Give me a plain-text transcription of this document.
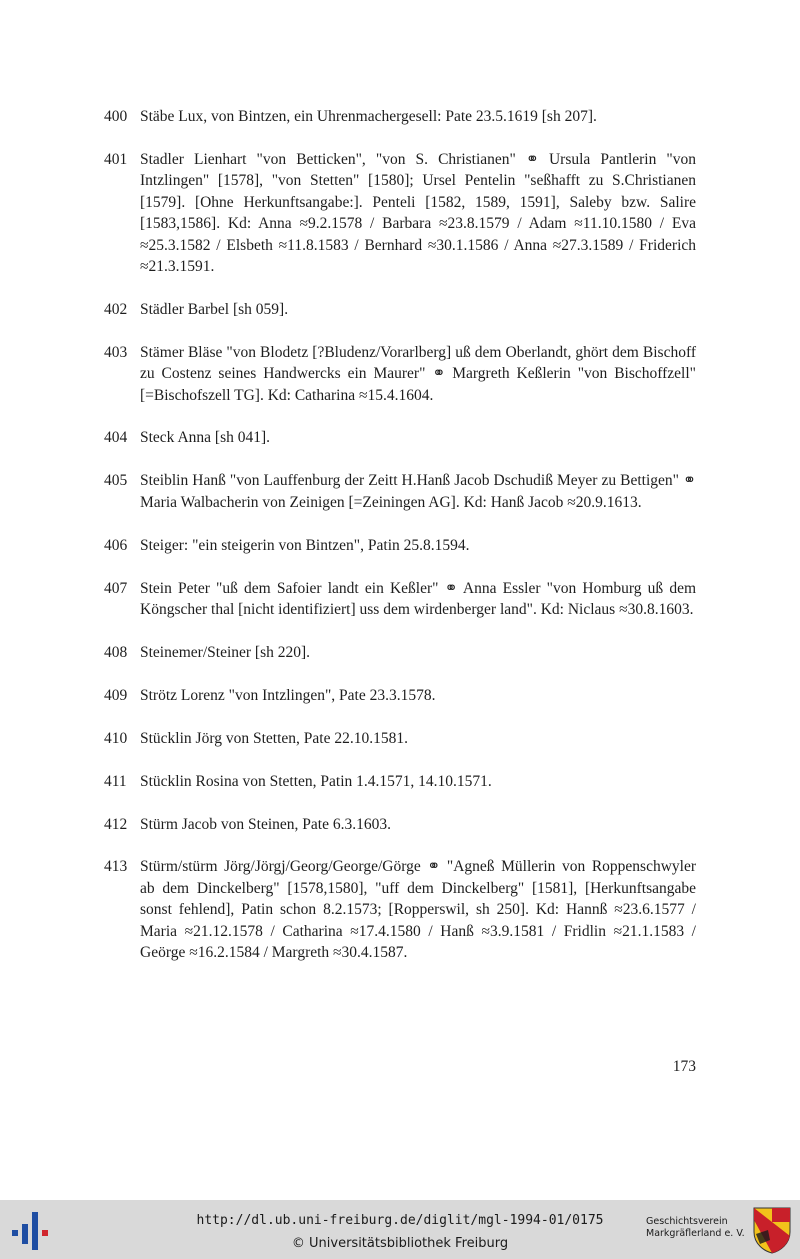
400 Stäbe Lux, von Bintzen, ein Uhrenmachergesell: Pate 23.5.1619 [sh 207].
401 Stadler Lienhart "von Betticken", "von S. Christianen" ⚭ Ursula Pantlerin "von Intzlingen" [1578], "von Stetten" [1580]; Ursel Pentelin "seßhafft zu S.Christianen [1579]. [Ohne Herkunftsangabe:]. Penteli [1582, 1589, 1591], Saleby bzw. Salire [1583,1586]. Kd: Anna ≈9.2.1578 / Barbara ≈23.8.1579 / Adam ≈11.10.1580 / Eva ≈25.3.1582 / Elsbeth ≈11.8.1583 / Bernhard ≈30.1.1586 / Anna ≈27.3.1589 / Friderich ≈21.3.1591.
402 Städler Barbel [sh 059].
403 Stämer Bläse "von Blodetz [?Bludenz/Vorarlberg] uß dem Oberlandt, ghört dem Bischoff zu Costenz seines Handwercks ein Maurer" ⚭ Margreth Keßlerin "von Bischoffzell" [=Bischofszell TG]. Kd: Catharina ≈15.4.1604.
404 Steck Anna [sh 041].
405 Steiblin Hanß "von Lauffenburg der Zeitt H.Hanß Jacob Dschudiß Meyer zu Bettigen" ⚭ Maria Walbacherin von Zeinigen [=Zeiningen AG]. Kd: Hanß Jacob ≈20.9.1613.
406 Steiger: "ein steigerin von Bintzen", Patin 25.8.1594.
407 Stein Peter "uß dem Safoier landt ein Keßler" ⚭ Anna Essler "von Homburg uß dem Köngscher thal [nicht identifiziert] uss dem wirdenberger land". Kd: Niclaus ≈30.8.1603.
408 Steinemer/Steiner [sh 220].
409 Strötz Lorenz "von Intzlingen", Pate 23.3.1578.
410 Stücklin Jörg von Stetten, Pate 22.10.1581.
411 Stücklin Rosina von Stetten, Patin 1.4.1571, 14.10.1571.
412 Stürm Jacob von Steinen, Pate 6.3.1603.
413 Stürm/stürm Jörg/Jörgj/Georg/George/Görge ⚭ "Agneß Müllerin von Roppenschwyler ab dem Dinckelberg" [1578,1580], "uff dem Dinckelberg" [1581], [Herkunftsangabe sonst fehlend], Patin schon 8.2.1573; [Ropperswil, sh 250]. Kd: Hannß ≈23.6.1577 / Maria ≈21.12.1578 / Catharina ≈17.4.1580 / Hanß ≈3.9.1581 / Fridlin ≈21.1.1583 / Geörge ≈16.2.1584 / Margreth ≈30.4.1587.
173
http://dl.ub.uni-freiburg.de/diglit/mgl-1994-01/0175
© Universitätsbibliothek Freiburg
Geschichtsverein
Markgräflerland e. V.
